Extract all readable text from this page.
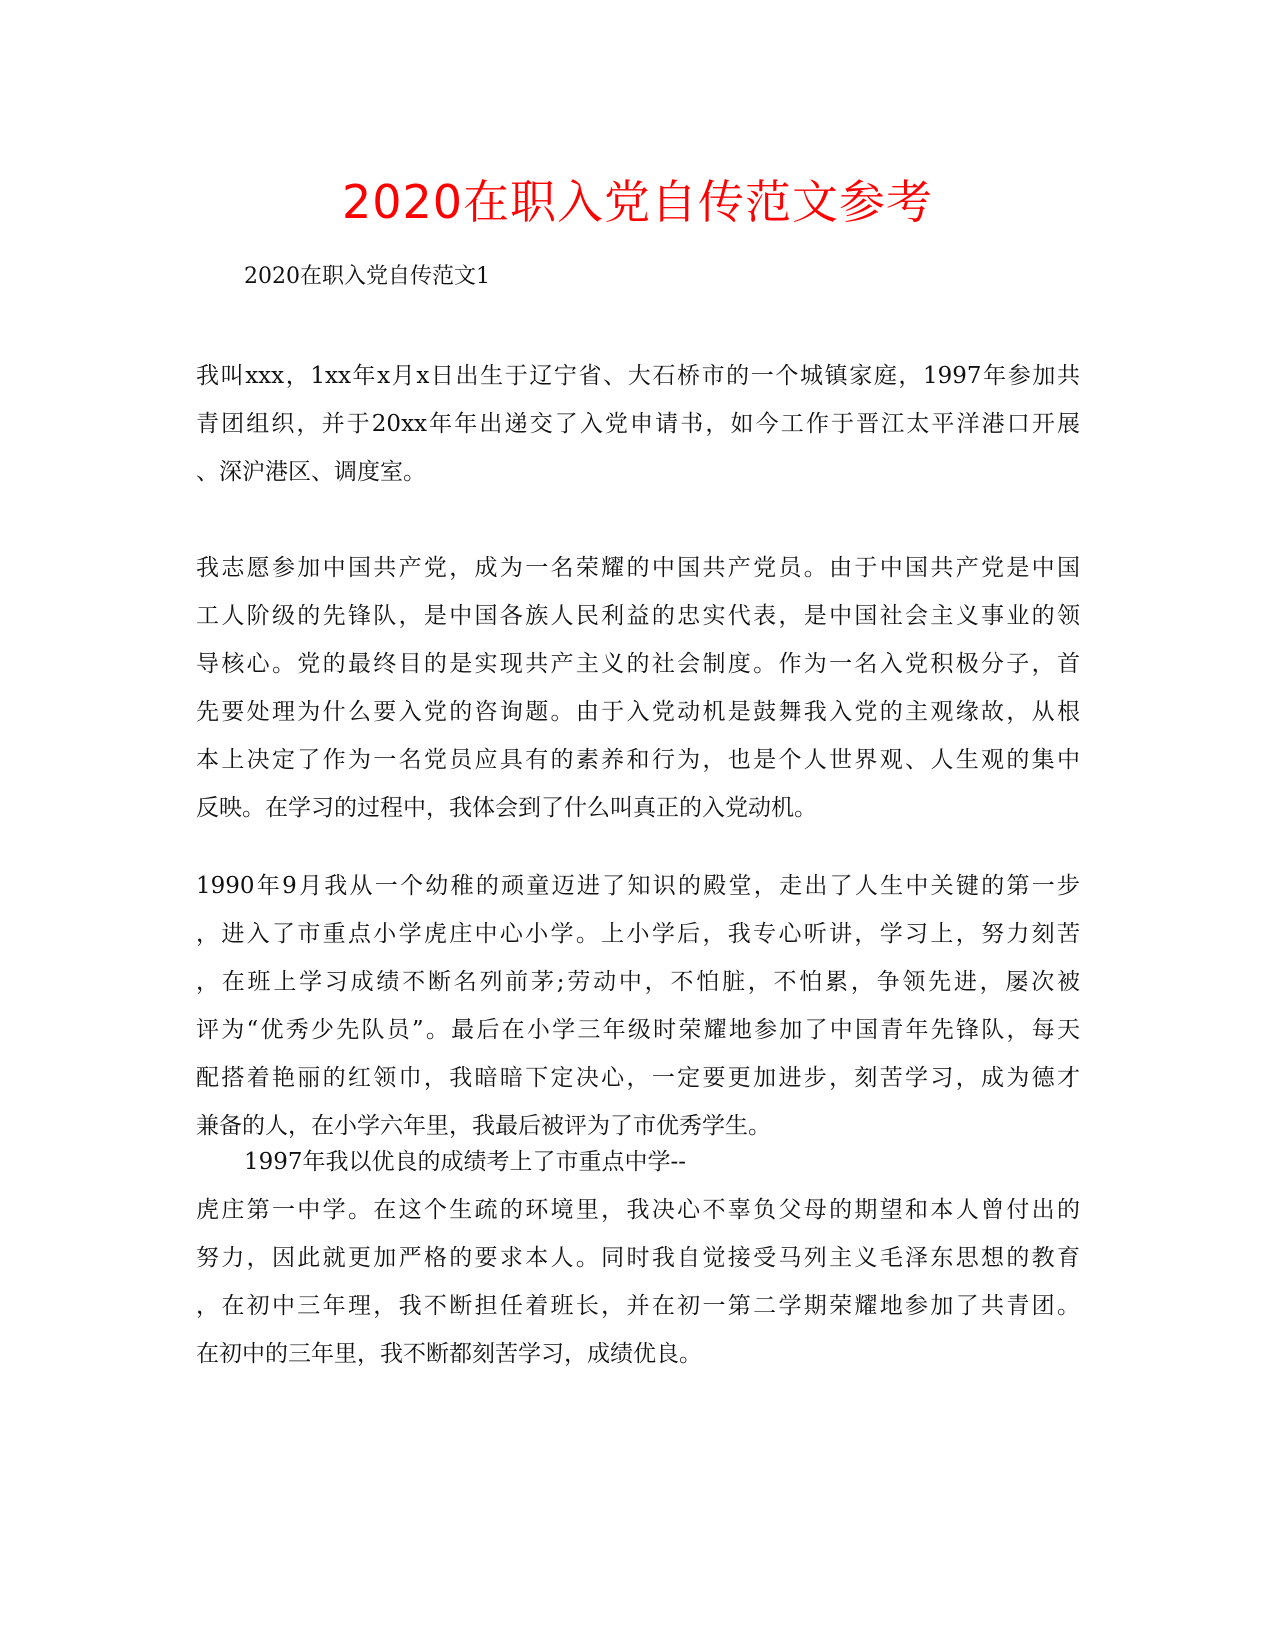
2020在职入党自传范文参考
2020在职入党自传范文1
我叫xxx，1xx年x月x日出生于辽宁省、大石桥市的一个城镇家庭，1997年参加共
青团组织，并于20xx年年出递交了入党申请书，如今工作于晋江太平洋港口开展
、深沪港区、调度室。
我志愿参加中国共产党，成为一名荣耀的中国共产党员。由于中国共产党是中国
工人阶级的先锋队，是中国各族人民利益的忠实代表，是中国社会主义事业的领
导核心。党的最终目的是实现共产主义的社会制度。作为一名入党积极分子，首
先要处理为什么要入党的咨询题。由于入党动机是鼓舞我入党的主观缘故，从根
本上决定了作为一名党员应具有的素养和行为，也是个人世界观、人生观的集中
反映。在学习的过程中，我体会到了什么叫真正的入党动机。
1990年9月我从一个幼稚的顽童迈进了知识的殿堂，走出了人生中关键的第一步
，进入了市重点小学虎庄中心小学。上小学后，我专心听讲，学习上，努力刻苦
，在班上学习成绩不断名列前茅;劳动中，不怕脏，不怕累，争领先进，屡次被
评为“优秀少先队员”。最后在小学三年级时荣耀地参加了中国青年先锋队，每天
配搭着艳丽的红领巾，我暗暗下定决心，一定要更加进步，刻苦学习，成为德才
兼备的人，在小学六年里，我最后被评为了市优秀学生。
1997年我以优良的成绩考上了市重点中学--
虎庄第一中学。在这个生疏的环境里，我决心不辜负父母的期望和本人曾付出的
努力，因此就更加严格的要求本人。同时我自觉接受马列主义毛泽东思想的教育
，在初中三年理，我不断担任着班长，并在初一第二学期荣耀地参加了共青团。
在初中的三年里，我不断都刻苦学习，成绩优良。
